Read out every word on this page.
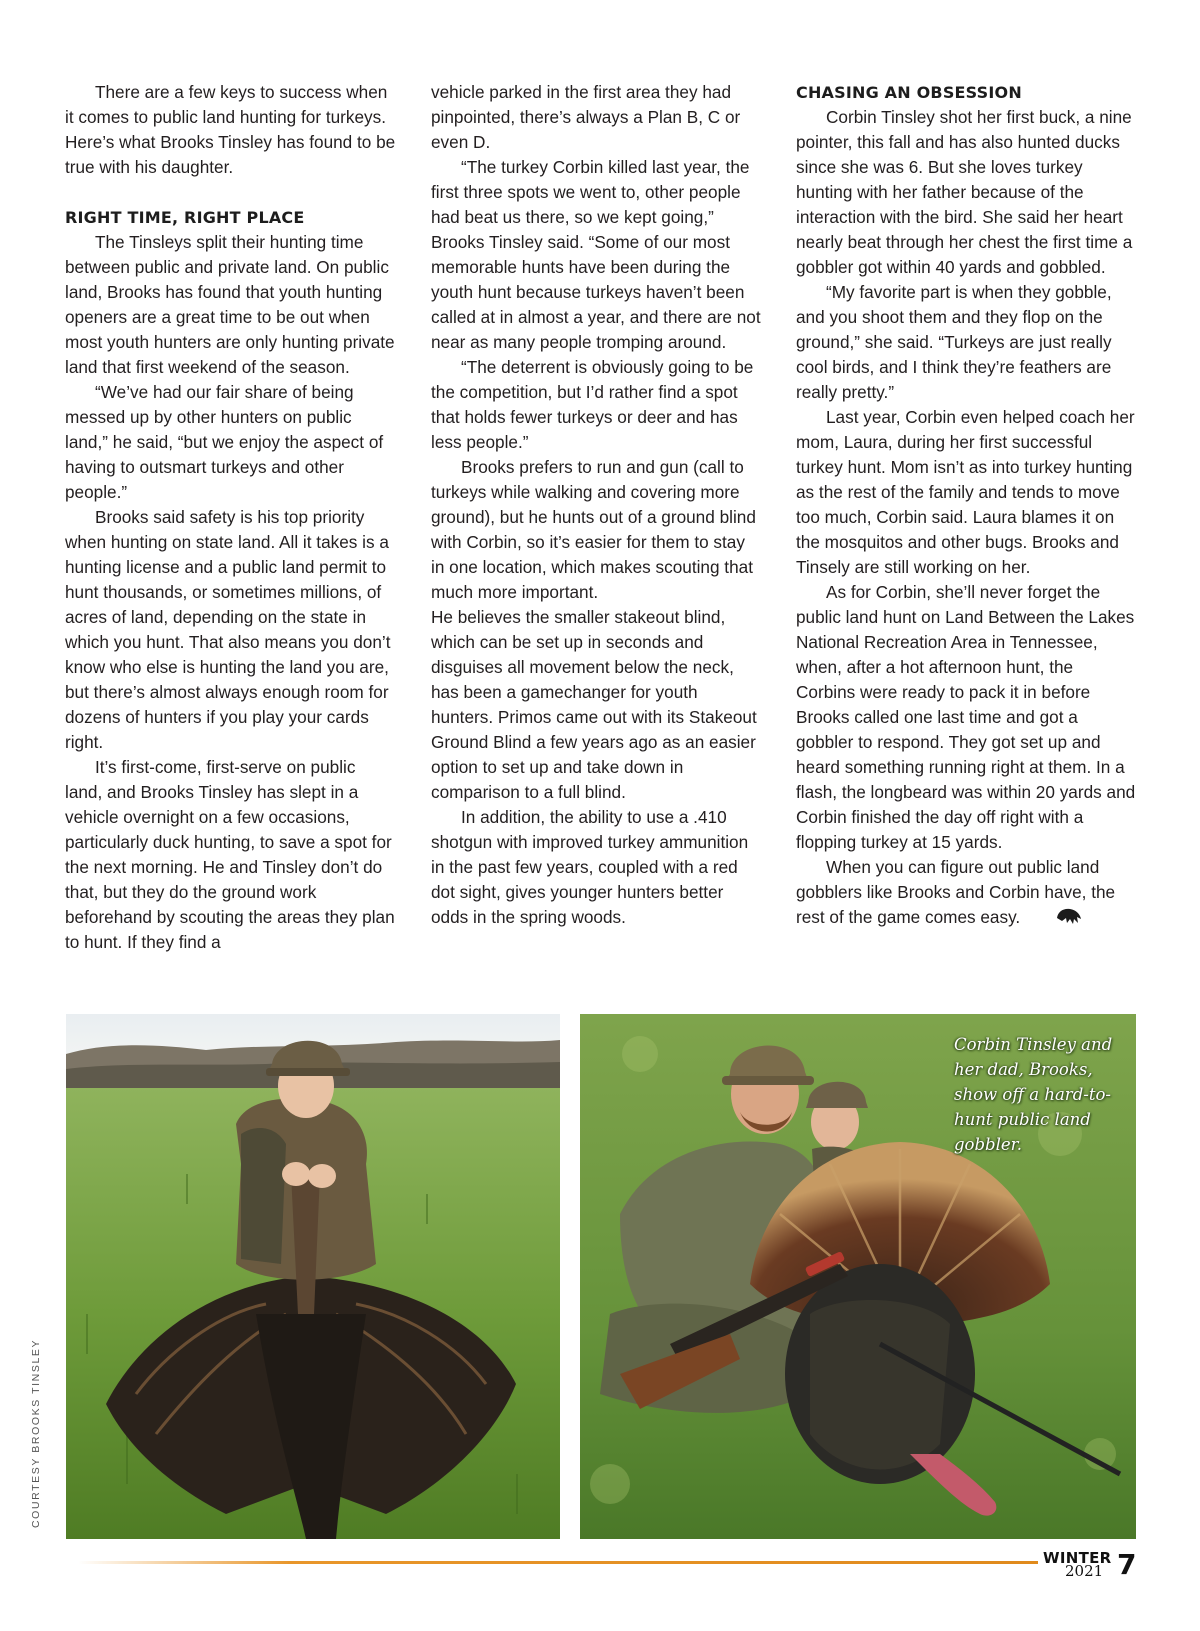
There are a few keys to success when it comes to public land hunting for turkeys. Here’s what Brooks Tinsley has found to be true with his daughter.

RIGHT TIME, RIGHT PLACE

The Tinsleys split their hunting time between public and private land. On public land, Brooks has found that youth hunting openers are a great time to be out when most youth hunters are only hunting private land that first weekend of the season.

“We’ve had our fair share of being messed up by other hunters on public land,” he said, “but we enjoy the aspect of having to outsmart turkeys and other people.”

Brooks said safety is his top priority when hunting on state land. All it takes is a hunting license and a public land permit to hunt thousands, or sometimes millions, of acres of land, depending on the state in which you hunt. That also means you don’t know who else is hunting the land you are, but there’s almost always enough room for dozens of hunters if you play your cards right.

It’s first-come, first-serve on public land, and Brooks Tinsley has slept in a vehicle overnight on a few occasions, particularly duck hunting, to save a spot for the next morning. He and Tinsley don’t do that, but they do the ground work beforehand by scouting the areas they plan to hunt. If they find a

vehicle parked in the first area they had pinpointed, there’s always a Plan B, C or even D.

“The turkey Corbin killed last year, the first three spots we went to, other people had beat us there, so we kept going,” Brooks Tinsley said. “Some of our most memorable hunts have been during the youth hunt because turkeys haven’t been called at in almost a year, and there are not near as many people tromping around.

“The deterrent is obviously going to be the competition, but I’d rather find a spot that holds fewer turkeys or deer and has less people.”

Brooks prefers to run and gun (call to turkeys while walking and covering more ground), but he hunts out of a ground blind with Corbin, so it’s easier for them to stay in one location, which makes scouting that much more important.

He believes the smaller stakeout blind, which can be set up in seconds and disguises all movement below the neck, has been a gamechanger for youth hunters. Primos came out with its Stakeout Ground Blind a few years ago as an easier option to set up and take down in comparison to a full blind.

In addition, the ability to use a .410 shotgun with improved turkey ammunition in the past few years, coupled with a red dot sight, gives younger hunters better odds in the spring woods.

CHASING AN OBSESSION

Corbin Tinsley shot her first buck, a nine pointer, this fall and has also hunted ducks since she was 6. But she loves turkey hunting with her father because of the interaction with the bird. She said her heart nearly beat through her chest the first time a gobbler got within 40 yards and gobbled.

“My favorite part is when they gobble, and you shoot them and they flop on the ground,” she said. “Turkeys are just really cool birds, and I think they’re feathers are really pretty.”

Last year, Corbin even helped coach her mom, Laura, during her first successful turkey hunt. Mom isn’t as into turkey hunting as the rest of the family and tends to move too much, Corbin said. Laura blames it on the mosquitos and other bugs. Brooks and Tinsely are still working on her.

As for Corbin, she’ll never forget the public land hunt on Land Between the Lakes National Recreation Area in Tennessee, when, after a hot afternoon hunt, the Corbins were ready to pack it in before Brooks called one last time and got a gobbler to respond. They got set up and heard something running right at them. In a flash, the longbeard was within 20 yards and Corbin finished the day off right with a flopping turkey at 15 yards.

When you can figure out public land gobblers like Brooks and Corbin have, the rest of the game comes easy.

Corbin Tinsley and her dad, Brooks, show off a hard-to-hunt public land gobbler.
COURTESY BROOKS TINSLEY
WINTER
2021 7
